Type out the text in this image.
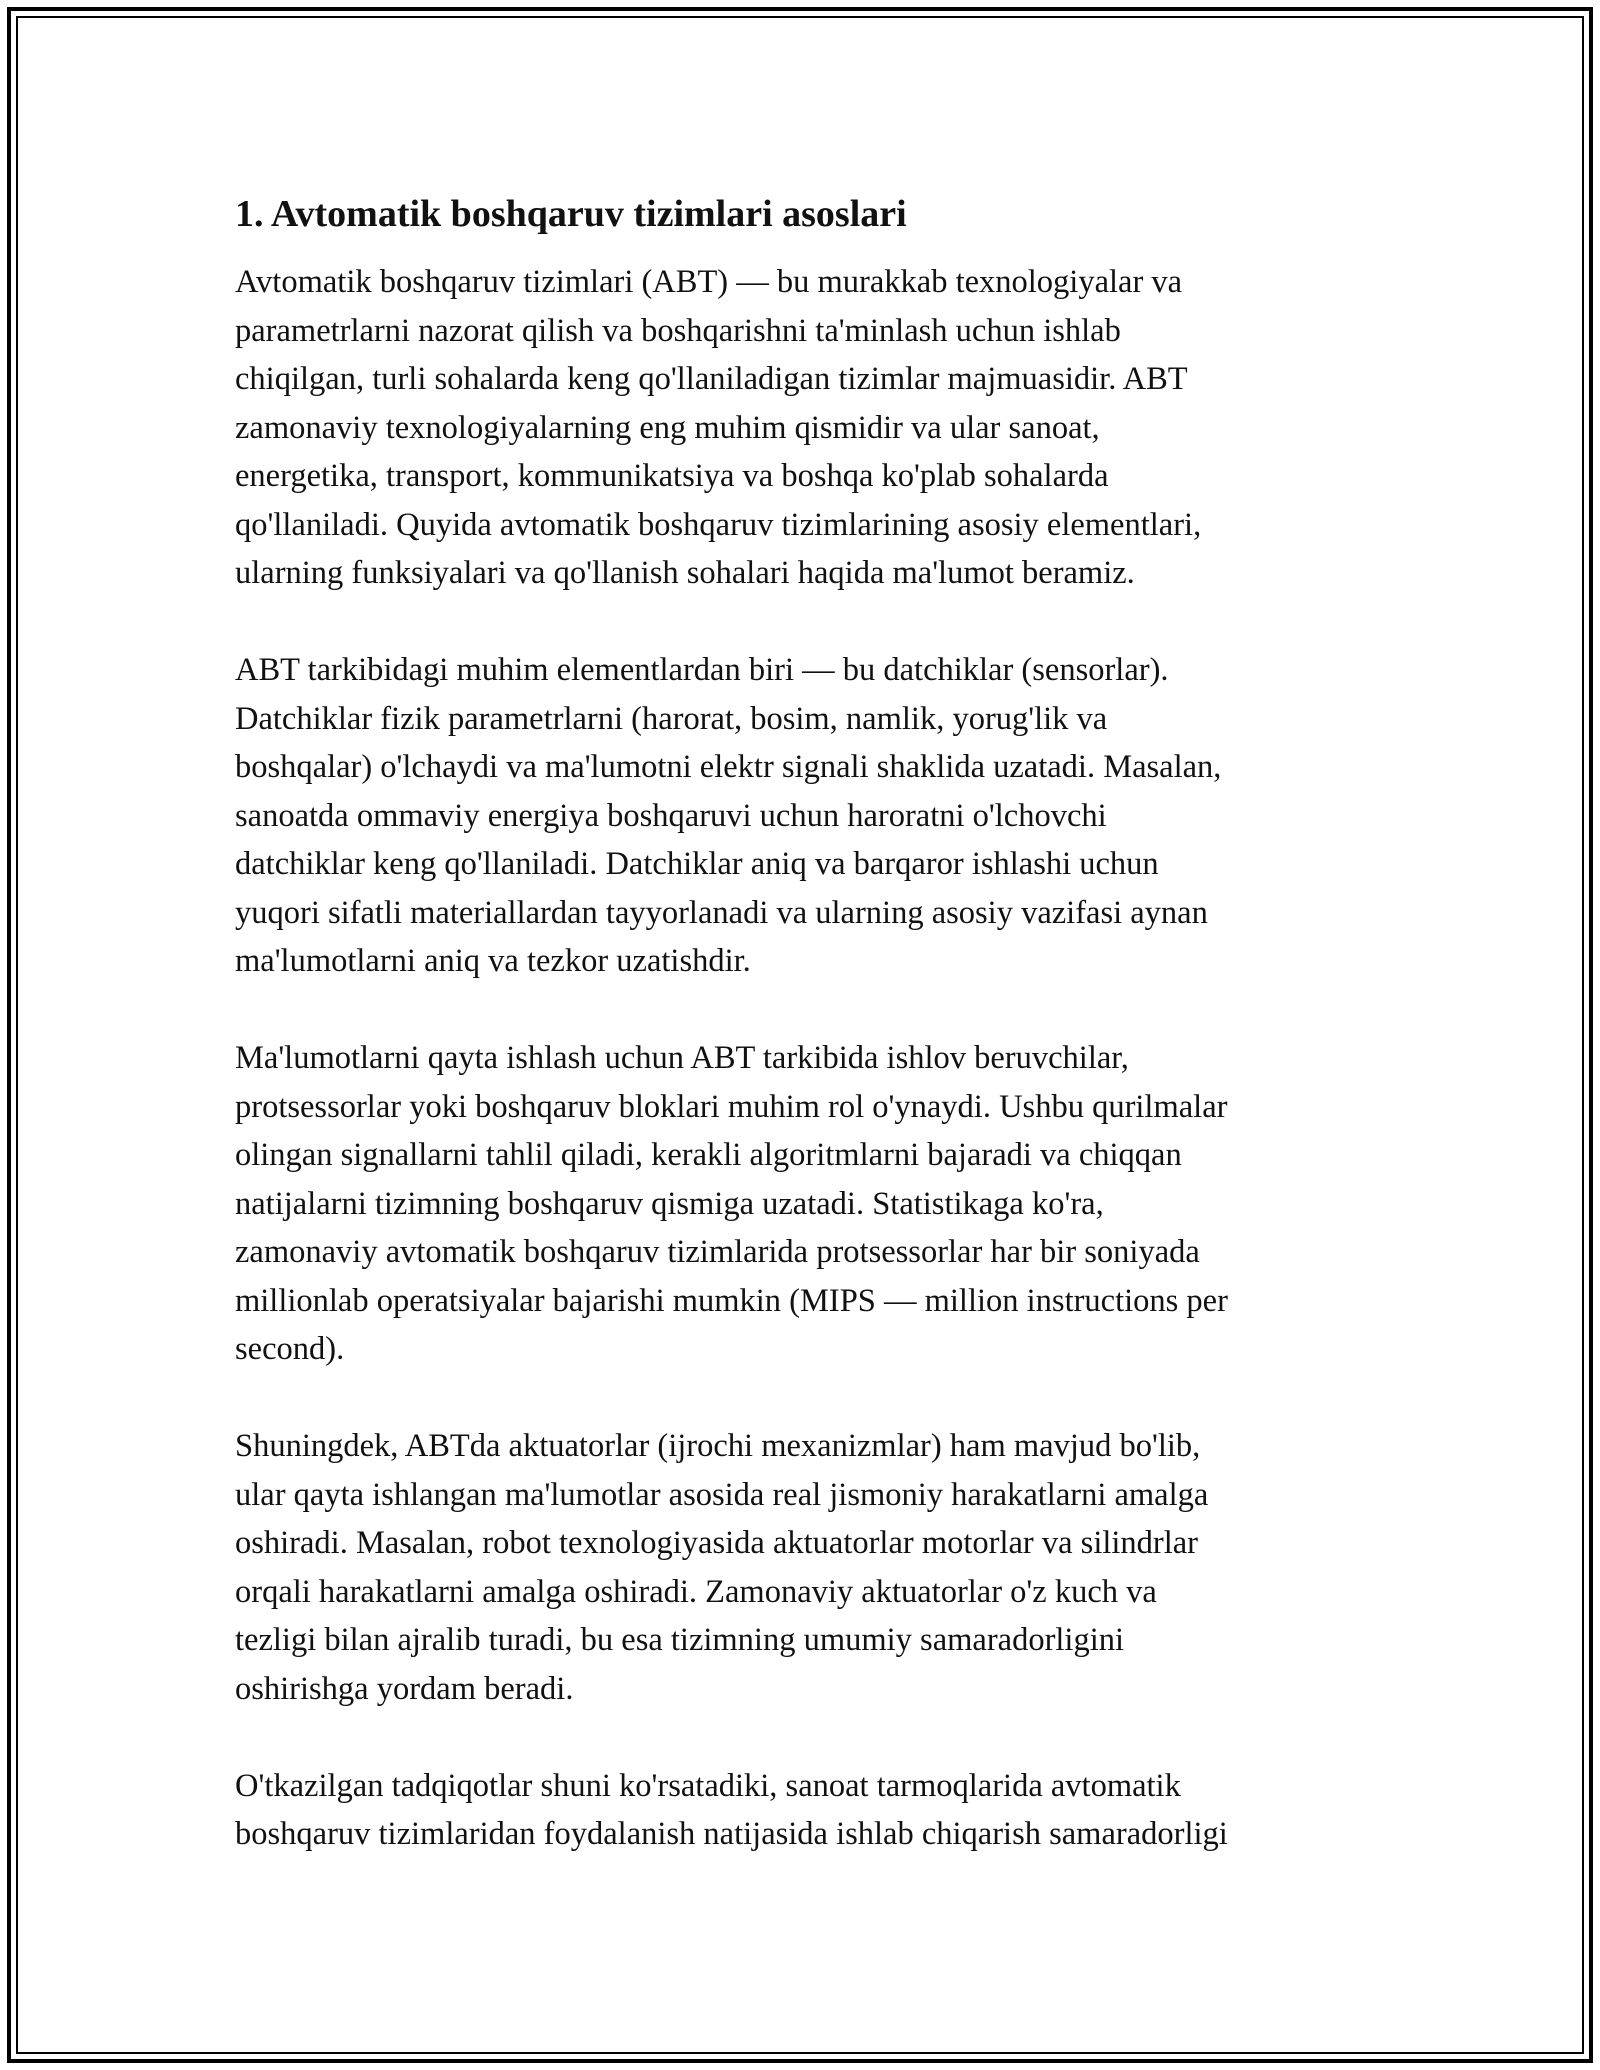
1. Avtomatik boshqaruv tizimlari asoslari
Avtomatik boshqaruv tizimlari (ABT) — bu murakkab texnologiyalar va
parametrlarni nazorat qilish va boshqarishni ta'minlash uchun ishlab
chiqilgan, turli sohalarda keng qo'llaniladigan tizimlar majmuasidir. ABT
zamonaviy texnologiyalarning eng muhim qismidir va ular sanoat,
energetika, transport, kommunikatsiya va boshqa ko'plab sohalarda
qo'llaniladi. Quyida avtomatik boshqaruv tizimlarining asosiy elementlari,
ularning funksiyalari va qo'llanish sohalari haqida ma'lumot beramiz.
ABT tarkibidagi muhim elementlardan biri — bu datchiklar (sensorlar).
Datchiklar fizik parametrlarni (harorat, bosim, namlik, yorug'lik va
boshqalar) o'lchaydi va ma'lumotni elektr signali shaklida uzatadi. Masalan,
sanoatda ommaviy energiya boshqaruvi uchun haroratni o'lchovchi
datchiklar keng qo'llaniladi. Datchiklar aniq va barqaror ishlashi uchun
yuqori sifatli materiallardan tayyorlanadi va ularning asosiy vazifasi aynan
ma'lumotlarni aniq va tezkor uzatishdir.
Ma'lumotlarni qayta ishlash uchun ABT tarkibida ishlov beruvchilar,
protsessorlar yoki boshqaruv bloklari muhim rol o'ynaydi. Ushbu qurilmalar
olingan signallarni tahlil qiladi, kerakli algoritmlarni bajaradi va chiqqan
natijalarni tizimning boshqaruv qismiga uzatadi. Statistikaga ko'ra,
zamonaviy avtomatik boshqaruv tizimlarida protsessorlar har bir soniyada
millionlab operatsiyalar bajarishi mumkin (MIPS — million instructions per
second).
Shuningdek, ABTda aktuatorlar (ijrochi mexanizmlar) ham mavjud bo'lib,
ular qayta ishlangan ma'lumotlar asosida real jismoniy harakatlarni amalga
oshiradi. Masalan, robot texnologiyasida aktuatorlar motorlar va silindrlar
orqali harakatlarni amalga oshiradi. Zamonaviy aktuatorlar o'z kuch va
tezligi bilan ajralib turadi, bu esa tizimning umumiy samaradorligini
oshirishga yordam beradi.
O'tkazilgan tadqiqotlar shuni ko'rsatadiki, sanoat tarmoqlarida avtomatik
boshqaruv tizimlaridan foydalanish natijasida ishlab chiqarish samaradorligi
